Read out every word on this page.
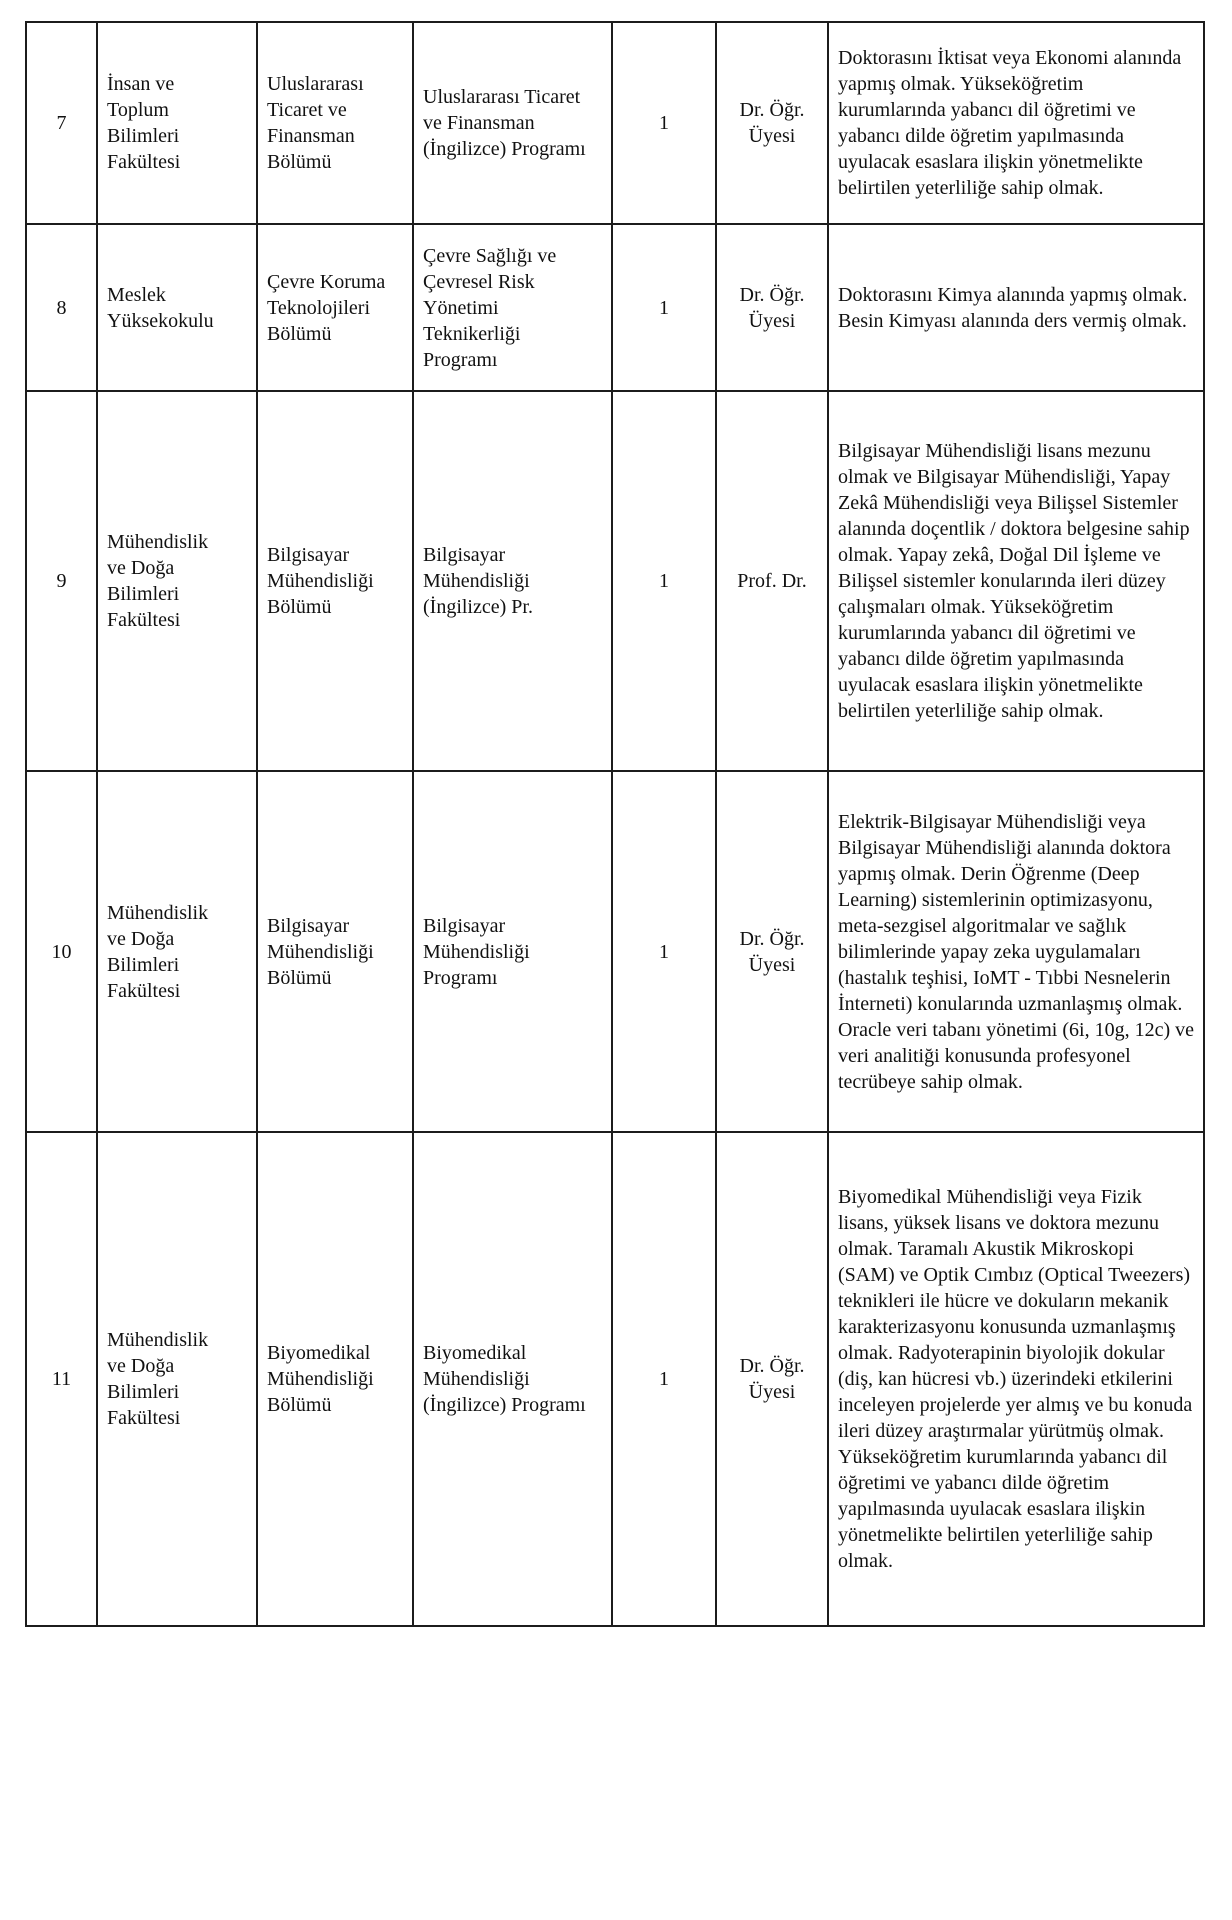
7	İnsan ve Toplum Bilimleri Fakültesi	Uluslararası Ticaret ve Finansman Bölümü	Uluslararası Ticaret ve Finansman (İngilizce) Programı	1	Dr. Öğr. Üyesi	Doktorasını İktisat veya Ekonomi alanında yapmış olmak. Yükseköğretim kurumlarında yabancı dil öğretimi ve yabancı dilde öğretim yapılmasında uyulacak esaslara ilişkin yönetmelikte belirtilen yeterliliğe sahip olmak.
8	Meslek Yüksekokulu	Çevre Koruma Teknolojileri Bölümü	Çevre Sağlığı ve Çevresel Risk Yönetimi Teknikerliği Programı	1	Dr. Öğr. Üyesi	Doktorasını Kimya alanında yapmış olmak. Besin Kimyası alanında ders vermiş olmak.
9	Mühendislik ve Doğa Bilimleri Fakültesi	Bilgisayar Mühendisliği Bölümü	Bilgisayar Mühendisliği (İngilizce) Pr.	1	Prof. Dr.	Bilgisayar Mühendisliği lisans mezunu olmak ve Bilgisayar Mühendisliği, Yapay Zekâ Mühendisliği veya Bilişsel Sistemler alanında doçentlik / doktora belgesine sahip olmak. Yapay zekâ, Doğal Dil İşleme ve Bilişsel sistemler konularında ileri düzey çalışmaları olmak. Yükseköğretim kurumlarında yabancı dil öğretimi ve yabancı dilde öğretim yapılmasında uyulacak esaslara ilişkin yönetmelikte belirtilen yeterliliğe sahip olmak.
10	Mühendislik ve Doğa Bilimleri Fakültesi	Bilgisayar Mühendisliği Bölümü	Bilgisayar Mühendisliği Programı	1	Dr. Öğr. Üyesi	Elektrik-Bilgisayar Mühendisliği veya Bilgisayar Mühendisliği alanında doktora yapmış olmak. Derin Öğrenme (Deep Learning) sistemlerinin optimizasyonu, meta-sezgisel algoritmalar ve sağlık bilimlerinde yapay zeka uygulamaları (hastalık teşhisi, IoMT - Tıbbi Nesnelerin İnterneti) konularında uzmanlaşmış olmak. Oracle veri tabanı yönetimi (6i, 10g, 12c) ve veri analitiği konusunda profesyonel tecrübeye sahip olmak.
11	Mühendislik ve Doğa Bilimleri Fakültesi	Biyomedikal Mühendisliği Bölümü	Biyomedikal Mühendisliği (İngilizce) Programı	1	Dr. Öğr. Üyesi	Biyomedikal Mühendisliği veya Fizik lisans, yüksek lisans ve doktora mezunu olmak. Taramalı Akustik Mikroskopi (SAM) ve Optik Cımbız (Optical Tweezers) teknikleri ile hücre ve dokuların mekanik karakterizasyonu konusunda uzmanlaşmış olmak. Radyoterapinin biyolojik dokular (diş, kan hücresi vb.) üzerindeki etkilerini inceleyen projelerde yer almış ve bu konuda ileri düzey araştırmalar yürütmüş olmak. Yükseköğretim kurumlarında yabancı dil öğretimi ve yabancı dilde öğretim yapılmasında uyulacak esaslara ilişkin yönetmelikte belirtilen yeterliliğe sahip olmak.
